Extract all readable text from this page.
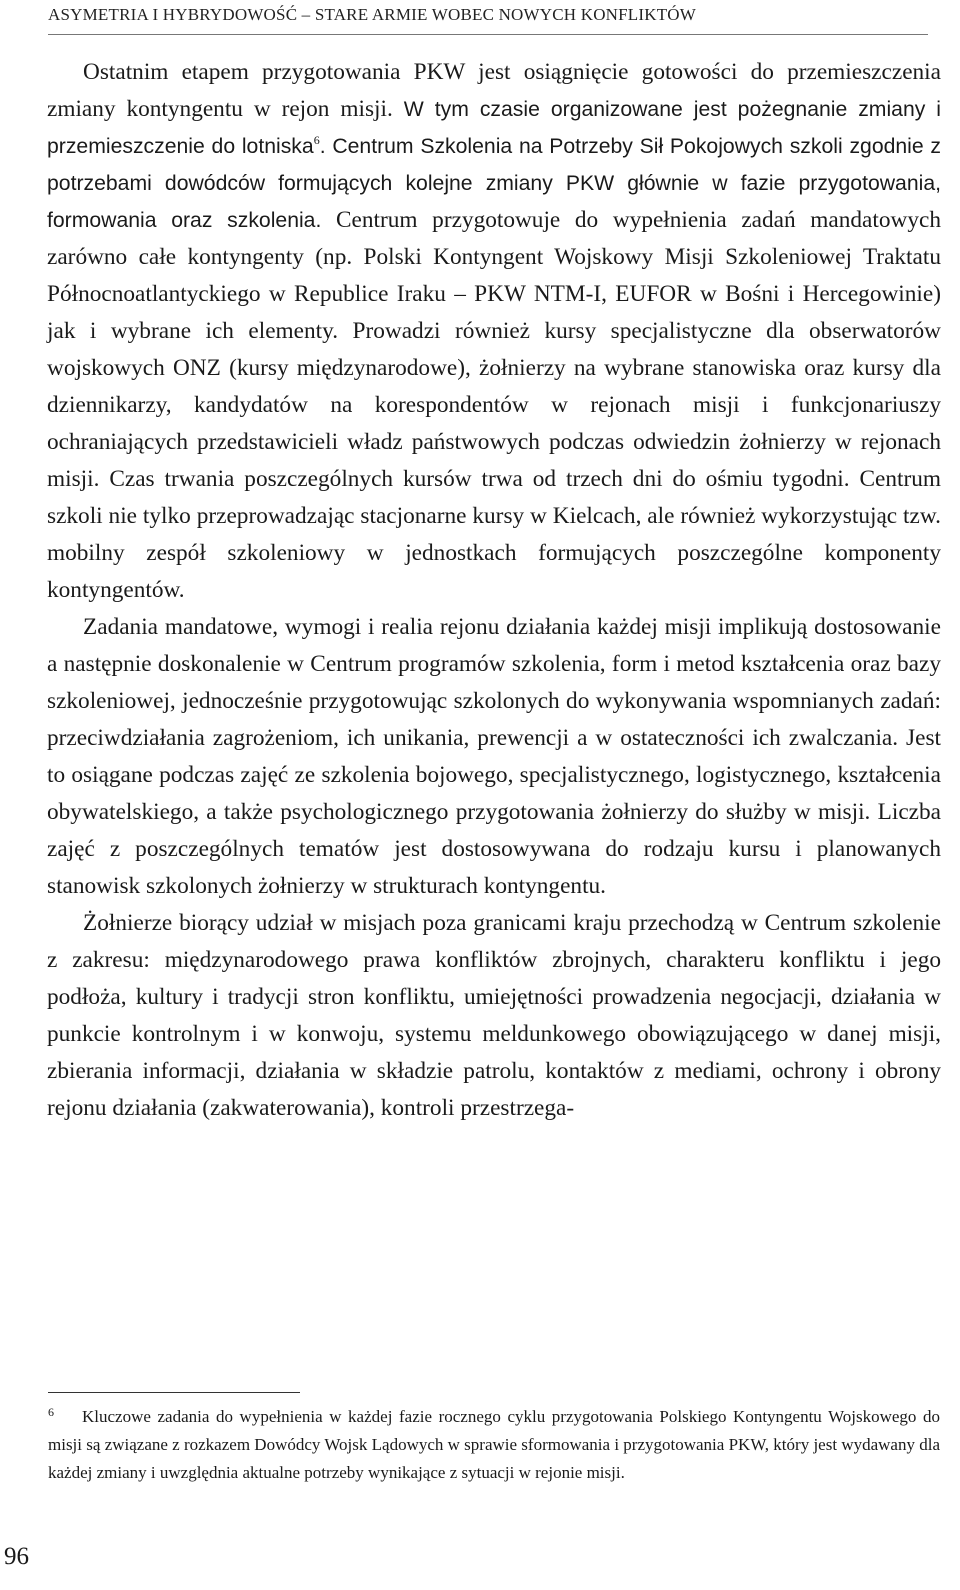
ASYMETRIA I HYBRYDOWOŚĆ – STARE ARMIE WOBEC NOWYCH KONFLIKTÓW

Ostatnim etapem przygotowania PKW jest osiągnięcie gotowości do przemieszczenia zmiany kontyngentu w rejon misji. W tym czasie organizowane jest pożegnanie zmiany i przemieszczenie do lotniska$^6$. Centrum Szkolenia na Potrzeby Sił Pokojowych szkoli zgodnie z potrzebami dowódców formujących kolejne zmiany PKW głównie w fazie przygotowania, formowania oraz szkolenia. Centrum przygotowuje do wypełnienia zadań mandatowych zarówno całe kontyngenty (np. Polski Kontyngent Wojskowy Misji Szkoleniowej Traktatu Północnoatlantyckiego w Republice Iraku – PKW NTM-I, EUFOR w Bośni i Hercegowinie) jak i wybrane ich elementy. Prowadzi również kursy specjalistyczne dla obserwatorów wojskowych ONZ (kursy międzynarodowe), żołnierzy na wybrane stanowiska oraz kursy dla dziennikarzy, kandydatów na korespondentów w rejonach misji i funkcjonariuszy ochraniających przedstawicieli władz państwowych podczas odwiedzin żołnierzy w rejonach misji. Czas trwania poszczególnych kursów trwa od trzech dni do ośmiu tygodni. Centrum szkoli nie tylko przeprowadzając stacjonarne kursy w Kielcach, ale również wykorzystując tzw. mobilny zespół szkoleniowy w jednostkach formujących poszczególne komponenty kontyngentów.

Zadania mandatowe, wymogi i realia rejonu działania każdej misji implikują dostosowanie a następnie doskonalenie w Centrum programów szkolenia, form i metod kształcenia oraz bazy szkoleniowej, jednocześnie przygotowując szkolonych do wykonywania wspomnianych zadań: przeciwdziałania zagrożeniom, ich unikania, prewencji a w ostateczności ich zwalczania. Jest to osiągane podczas zajęć ze szkolenia bojowego, specjalistycznego, logistycznego, kształcenia obywatelskiego, a także psychologicznego przygotowania żołnierzy do służby w misji. Liczba zajęć z poszczególnych tematów jest dostosowywana do rodzaju kursu i planowanych stanowisk szkolonych żołnierzy w strukturach kontyngentu.

Żołnierze biorący udział w misjach poza granicami kraju przechodzą w Centrum szkolenie z zakresu: międzynarodowego prawa konfliktów zbrojnych, charakteru konfliktu i jego podłoża, kultury i tradycji stron konfliktu, umiejętności prowadzenia negocjacji, działania w punkcie kontrolnym i w konwoju, systemu meldunkowego obowiązującego w danej misji, zbierania informacji, działania w składzie patrolu, kontaktów z mediami, ochrony i obrony rejonu działania (zakwaterowania), kontroli przestrzega-

6 Kluczowe zadania do wypełnienia w każdej fazie rocznego cyklu przygotowania Polskiego Kontyngentu Wojskowego do misji są związane z rozkazem Dowódcy Wojsk Lądowych w sprawie sformowania i przygotowania PKW, który jest wydawany dla każdej zmiany i uwzględnia aktualne potrzeby wynikające z sytuacji w rejonie misji.

96
